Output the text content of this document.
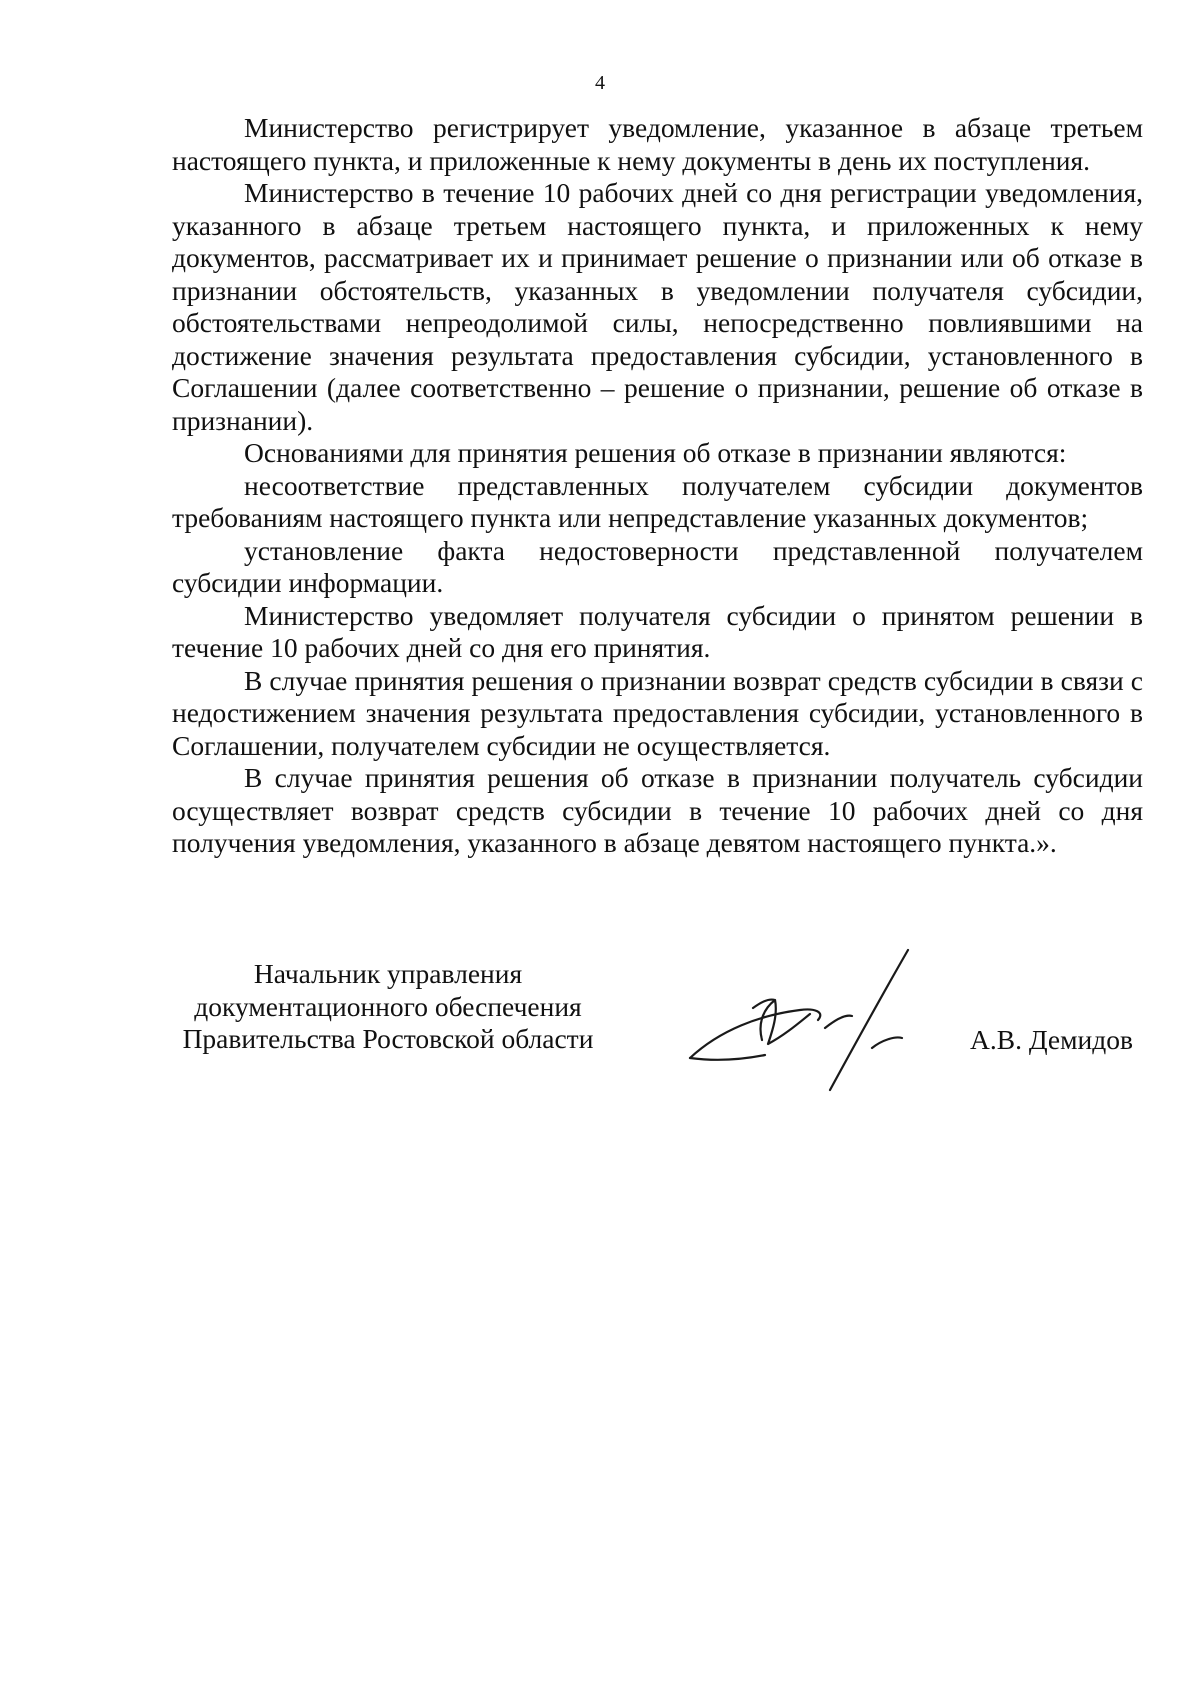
4

Министерство регистрирует уведомление, указанное в абзаце третьем настоящего пункта, и приложенные к нему документы в день их поступления.

Министерство в течение 10 рабочих дней со дня регистрации уведомления, указанного в абзаце третьем настоящего пункта, и приложенных к нему документов, рассматривает их и принимает решение о признании или об отказе в признании обстоятельств, указанных в уведомлении получателя субсидии, обстоятельствами непреодолимой силы, непосредственно повлиявшими на достижение значения результата предоставления субсидии, установленного в Соглашении (далее соответственно – решение о признании, решение об отказе в признании).

Основаниями для принятия решения об отказе в признании являются:

несоответствие представленных получателем субсидии документов требованиям настоящего пункта или непредставление указанных документов;

установление факта недостоверности представленной получателем субсидии информации.

Министерство уведомляет получателя субсидии о принятом решении в течение 10 рабочих дней со дня его принятия.

В случае принятия решения о признании возврат средств субсидии в связи с недостижением значения результата предоставления субсидии, установленного в Соглашении, получателем субсидии не осуществляется.

В случае принятия решения об отказе в признании получатель субсидии осуществляет возврат средств субсидии в течение 10 рабочих дней со дня получения уведомления, указанного в абзаце девятом настоящего пункта.».

Начальник управления
документационного обеспечения
Правительства Ростовской области	А.В. Демидов
